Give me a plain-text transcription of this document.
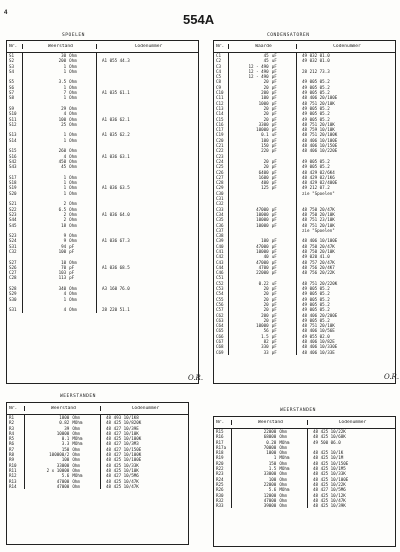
4	554A
SPOELEN	CONDENSATOREN
WEERSTANDEN
WEERSTANDEN
Nr.	Weerstand	Codenummer
S1	30 Ohm
S2	200 Ohm	A1 055 44.3
S3	1 Ohm
S4	1 Ohm

S5	3.5 Ohm
S6	1 Ohm
S7	7 Ohm	A1 035 61.1
S8	1 Ohm

S9	29 Ohm
S10	4 Ohm
S11	100 Ohm	A1 036 62.1
S12	25 Ohm

S13	1 Ohm	A1 035 62.2
S14	1 Ohm

S15	260 Ohm
S16	4 Ohm	A1 036 63.1
S42	450 Ohm
S43	45 Ohm

S17	1 Ohm
S18	1 Ohm
S19	1 Ohm	A1 036 63.5
S20	1 Ohm

S21	2 Ohm
S22	6.5 Ohm
S23	2 Ohm	A1 036 64.0
S44	2 Ohm
S45	18 Ohm

S23	9 Ohm
S24	9 Ohm	A1 036 67.3
S31	94 pF
C32	100 pF

S27	10 Ohm
S26	70 pF	A1 036 68.5
C27	103 pF
C28	113 pF

S28	340 Ohm	A3 160 76.0
S29	4 Ohm
S30	1 Ohm

S31	4 Ohm	28 220 51.1
Nr.	Waarde	Codenummer
C1	45 uF	49 032 01.0
C2	45 uF	49 032 01.0
C3	12 - 490 pF
C4	12 - 490 pF	28 212 73.3
C5	12 - 490 pF
C8	20 pF	49 005 05.2
C9	20 pF	49 005 05.2
C10	200 pF	49 005 05.2
C11	100 pF	48 406 20/100E
C12	1000 pF	48 751 20/10K
C13	20 pF	49 005 05.2
C14	20 pF	49 005 05.2
C15	20 pF	49 005 05.2
C16	3300 pF	48 751 20/10K
C17	10000 pF	48 759 10/10K
C19	0.1 uF	48 751 20/100K
C20	100 pF	48 406 10/100E
C21	150 pF	48 406 10/150E
C22	220 pF	48 406 10/220E
C23
C24	20 pF	49 005 05.2
C25	20 pF	49 005 05.2
C26	6400 pF	48 429 02/6K4
C27	1600 pF	48 429 02/1K6
C28	400 pF	48 429 02/400E
C29	125 pF	49 212 07.2
C30	zie "Spoelen"
C31
C32
C33	47000 pF	48 750 20/47K
C34	10000 pF	48 750 20/10K
C35	10000 pF	48 751 23/10K
C36	10000 pF	48 751 20/10K
C37	zie "Spoelen"
C38
C39	100 pF	48 406 10/100E
C40	47000 pF	48 750 20/47K
C41	10000 pF	48 750 20/10K
C42	40 uF	49 020 41.0
C43	47000 pF	48 757 20/47K
C44	4700 pF	48 756 20/4K7
C46	22000 pF	48 756 20/22K
C51
C52	0.22 uF	48 751 20/220K
C53	20 pF	49 005 05.2
C54	20 pF	49 005 05.2
C55	20 pF	49 005 05.2
C56	20 pF	49 005 05.2
C57	20 pF	49 005 05.2
C62	200 pF	48 406 20/200E
C63	20 pF	49 005 05.2
C64	10000 pF	48 751 20/10K
C65	56 pF	48 406 10/56E
C66	1.5 pF	49 055 02.0
C67	82 pF	48 406 10/82E
C68	330 pF	48 406 10/330E
C69	33 pF	48 406 10/33E
Nr.	Weerstand	Codenummer
R1	1800 Ohm	48 493 10/1K8
R2	0.82 MOhm	48 425 10/820K
R3	39 Ohm	48 427 10/39E
R4	10000 Ohm	48 427 10/10K
R5	0.1 MOhm	48 425 10/100K
R6	3.3 MOhm	48 427 10/3M3
R7	150 Ohm	48 427 10/150E
R8	100000/2 Ohm	48 427 10/100K
R9	100 Ohm	48 425 10/100E
R10	33000 Ohm	48 425 10/33K
R11	2 x 10000 Ohm	48 425 10/10K
R12	5.6 MOhm	48 427 10/5M6
R13	47000 Ohm	48 425 10/47K
R14	47000 Ohm	48 425 10/47K
Nr.	Weerstand	Codenummer
R15	22000 Ohm	48 425 10/22K
R16	68000 Ohm	48 425 10/68K
R17	0.28 MOhm	49 500 06.0
R17a	70000 Ohm
R18	1000 Ohm	48 425 10/1K
R19	1 MOhm	48 425 10/1M
R20	150 Ohm	48 425 10/150E
R22	1.5 MOhm	48 425 10/1M5
R23	33000 Ohm	48 425 10/33K
R24	100 Ohm	48 425 10/100E
R25	22000 Ohm	48 425 10/22K
R26	5.6 MOhm	48 427 10/5M6
R30	12000 Ohm	48 425 10/12K
R32	47000 Ohm	48 425 10/47K
R33	39000 Ohm	48 425 10/39K
O.R.	O.R.
